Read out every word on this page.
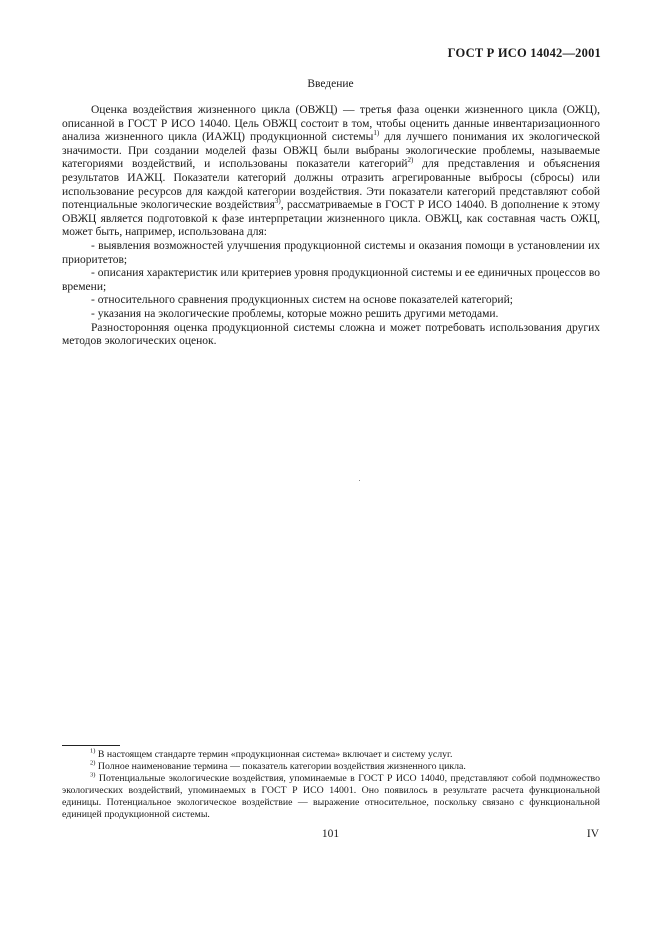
ГОСТ Р ИСО 14042—2001
Введение

Оценка воздействия жизненного цикла (ОВЖЦ) — третья фаза оценки жизненного цикла (ОЖЦ), описанной в ГОСТ Р ИСО 14040. Цель ОВЖЦ состоит в том, чтобы оценить данные инвентаризационного анализа жизненного цикла (ИАЖЦ) продукционной системы$^{1)}$ для лучшего понимания их экологической значимости. При создании моделей фазы ОВЖЦ были выбраны экологические проблемы, называемые категориями воздействий, и использованы показатели категорий$^{2)}$ для представления и объяснения результатов ИАЖЦ. Показатели категорий должны отразить агрегированные выбросы (сбросы) или использование ресурсов для каждой категории воздействия. Эти показатели категорий представляют собой потенциальные экологические воздействия$^{3)}$, рассматриваемые в ГОСТ Р ИСО 14040. В дополнение к этому ОВЖЦ является подготовкой к фазе интерпретации жизненного цикла. ОВЖЦ, как составная часть ОЖЦ, может быть, например, использована для:

- выявления возможностей улучшения продукционной системы и оказания помощи в установлении их приоритетов;

- описания характеристик или критериев уровня продукционной системы и ее единичных процессов во времени;

- относительного сравнения продукционных систем на основе показателей категорий;

- указания на экологические проблемы, которые можно решить другими методами.

Разносторонняя оценка продукционной системы сложна и может потребовать использования других методов экологических оценок.

$^{1)}$ В настоящем стандарте термин «продукционная система» включает и систему услуг.

$^{2)}$ Полное наименование термина — показатель категории воздействия жизненного цикла.

$^{3)}$ Потенциальные экологические воздействия, упоминаемые в ГОСТ Р ИСО 14040, представляют собой подмножество экологических воздействий, упоминаемых в ГОСТ Р ИСО 14001. Оно появилось в результате расчета функциональной единицы. Потенциальное экологическое воздействие — выражение относительное, поскольку связано с функциональной единицей продукционной системы.

101	IV
